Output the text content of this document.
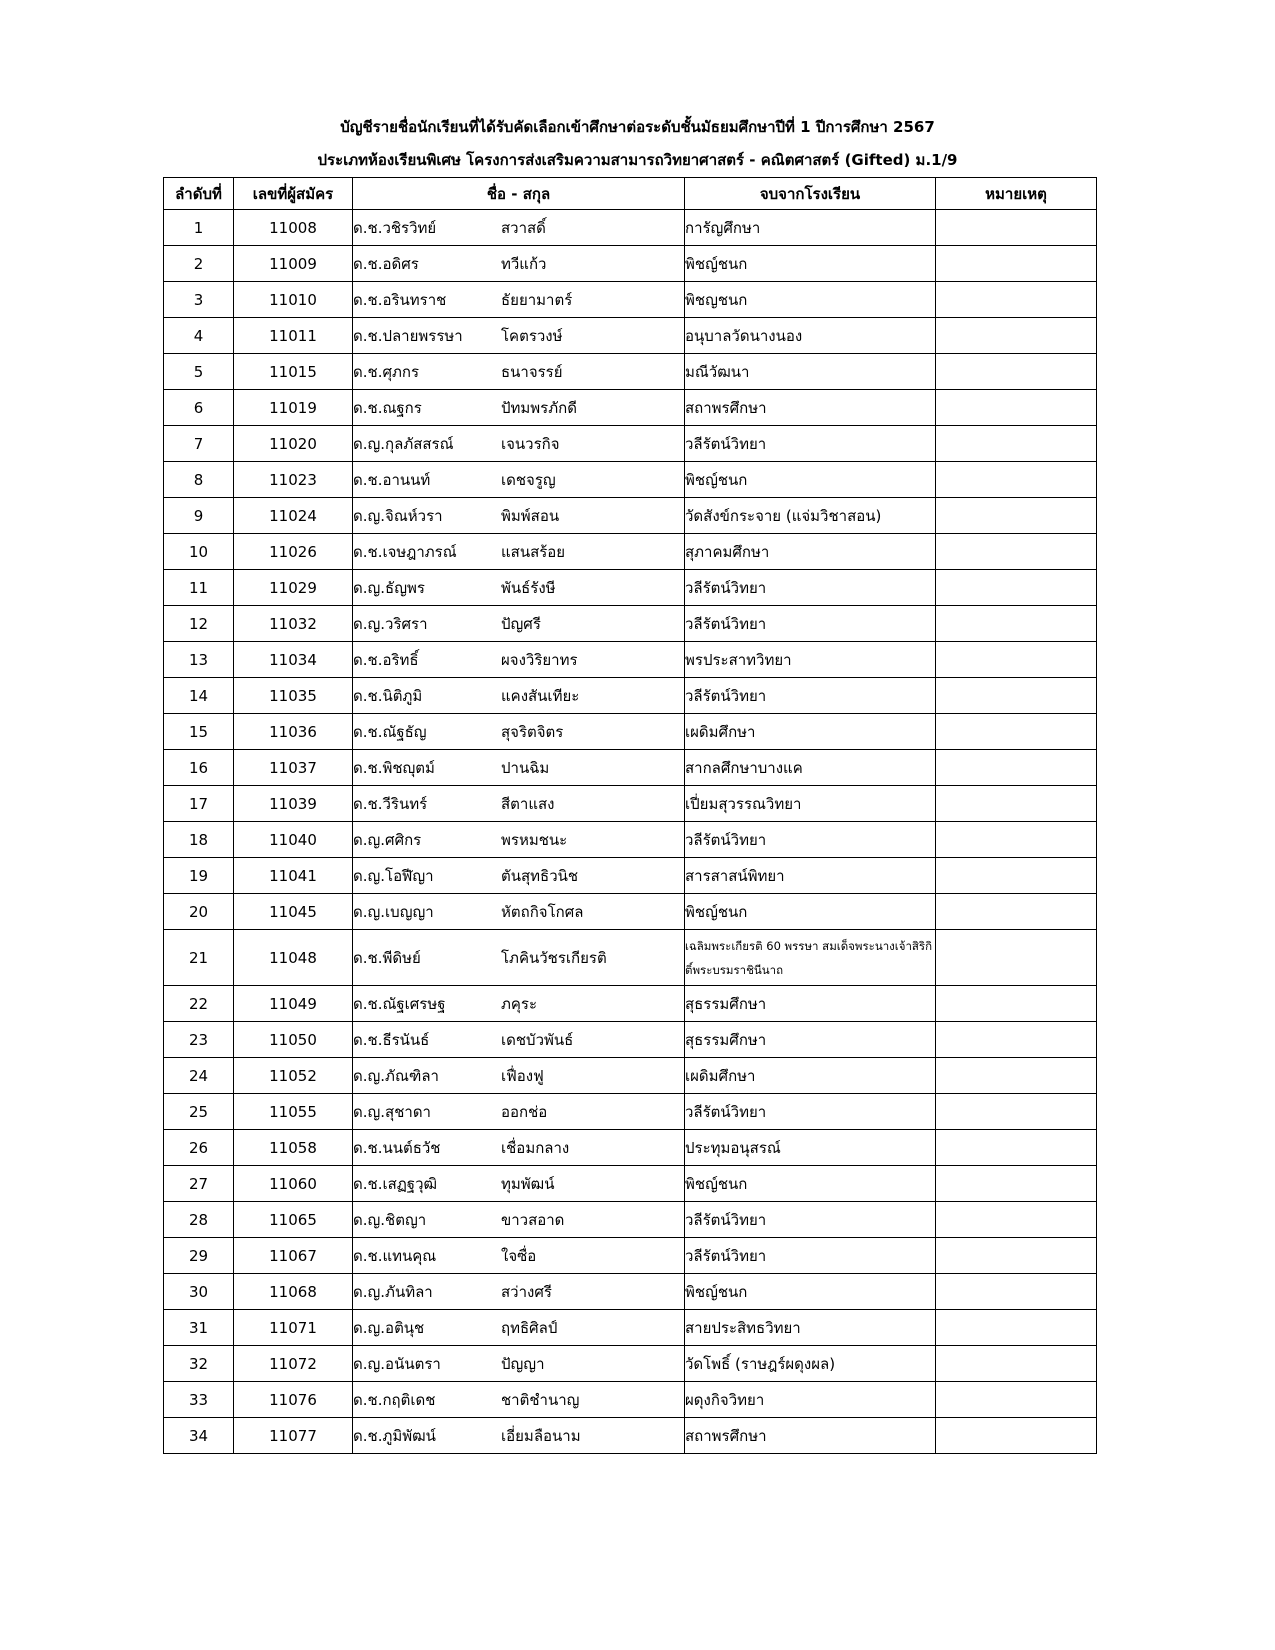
บัญชีรายชื่อนักเรียนที่ได้รับคัดเลือกเข้าศึกษาต่อระดับชั้นมัธยมศึกษาปีที่ 1 ปีการศึกษา 2567
ประเภทห้องเรียนพิเศษ โครงการส่งเสริมความสามารถวิทยาศาสตร์ - คณิตศาสตร์ (Gifted) ม.1/9
ลำดับที่	เลขที่ผู้สมัคร	ชื่อ - สกุล	จบจากโรงเรียน	หมายเหตุ
1	11008	ด.ช.วชิรวิทย์ สวาสดิ์	การัญศึกษา	
2	11009	ด.ช.อดิศร ทวีแก้ว	พิชญ์ชนก	
3	11010	ด.ช.อรินทราช ธัยยามาตร์	พิชญชนก	
4	11011	ด.ช.ปลายพรรษา โคตรวงษ์	อนุบาลวัดนางนอง	
5	11015	ด.ช.ศุภกร ธนาจรรย์	มณีวัฒนา	
6	11019	ด.ช.ณฐกร ปัทมพรภักดี	สถาพรศึกษา	
7	11020	ด.ญ.กุลภัสสรณ์ เจนวรกิจ	วลีรัตน์วิทยา	
8	11023	ด.ช.อานนท์ เดชจรูญ	พิชญ์ชนก	
9	11024	ด.ญ.จิณห์วรา พิมพ์สอน	วัดสังข์กระจาย (แจ่มวิชาสอน)	
10	11026	ด.ช.เจษฎาภรณ์ แสนสร้อย	สุภาคมศึกษา	
11	11029	ด.ญ.ธัญพร พันธ์รังษี	วลีรัตน์วิทยา	
12	11032	ด.ญ.วริศรา ปัญศรี	วลีรัตน์วิทยา	
13	11034	ด.ช.อริทธิ์ ผจงวิริยาทร	พรประสาทวิทยา	
14	11035	ด.ช.นิติภูมิ แคงสันเทียะ	วลีรัตน์วิทยา	
15	11036	ด.ช.ณัฐธัญ สุจริตจิตร	เผดิมศึกษา	
16	11037	ด.ช.พิชญุตม์ ปานฉิม	สากลศึกษาบางแค	
17	11039	ด.ช.วีรินทร์ สีตาแสง	เปี่ยมสุวรรณวิทยา	
18	11040	ด.ญ.ศศิกร พรหมชนะ	วลีรัตน์วิทยา	
19	11041	ด.ญ.โอฬีญา ตันสุทธิวนิช	สารสาสน์พิทยา	
20	11045	ด.ญ.เบญญา หัตถกิจโกศล	พิชญ์ชนก	
21	11048	ด.ช.พีดิษย์ โภคินวัชรเกียรติ	เฉลิมพระเกียรติ 60 พรรษา สมเด็จพระนางเจ้าสิริกิติ์พระบรมราชินีนาถ	

22	11049	ด.ช.ณัฐเศรษฐ ภคุระ	สุธรรมศึกษา	
23	11050	ด.ช.ธีรนันธ์ เดชบัวพันธ์	สุธรรมศึกษา	
24	11052	ด.ญ.ภัณฑิลา เฟื่องฟู	เผดิมศึกษา	
25	11055	ด.ญ.สุชาดา ออกช่อ	วลีรัตน์วิทยา	
26	11058	ด.ช.นนต์ธวัช เชื่อมกลาง	ประทุมอนุสรณ์	
27	11060	ด.ช.เสฏฐวุฒิ ทุมพัฒน์	พิชญ์ชนก	
28	11065	ด.ญ.ชิตญา ขาวสอาด	วลีรัตน์วิทยา	
29	11067	ด.ช.แทนคุณ ใจซื่อ	วลีรัตน์วิทยา	
30	11068	ด.ญ.ภันทิลา สว่างศรี	พิชญ์ชนก	
31	11071	ด.ญ.อตินุช ฤทธิศิลป์	สายประสิทธวิทยา	
32	11072	ด.ญ.อนันตรา ปัญญา	วัดโพธิ์ (ราษฎร์ผดุงผล)	
33	11076	ด.ช.กฤติเดช ชาติชำนาญ	ผดุงกิจวิทยา	
34	11077	ด.ช.ภูมิพัฒน์ เอี่ยมลือนาม	สถาพรศึกษา	
